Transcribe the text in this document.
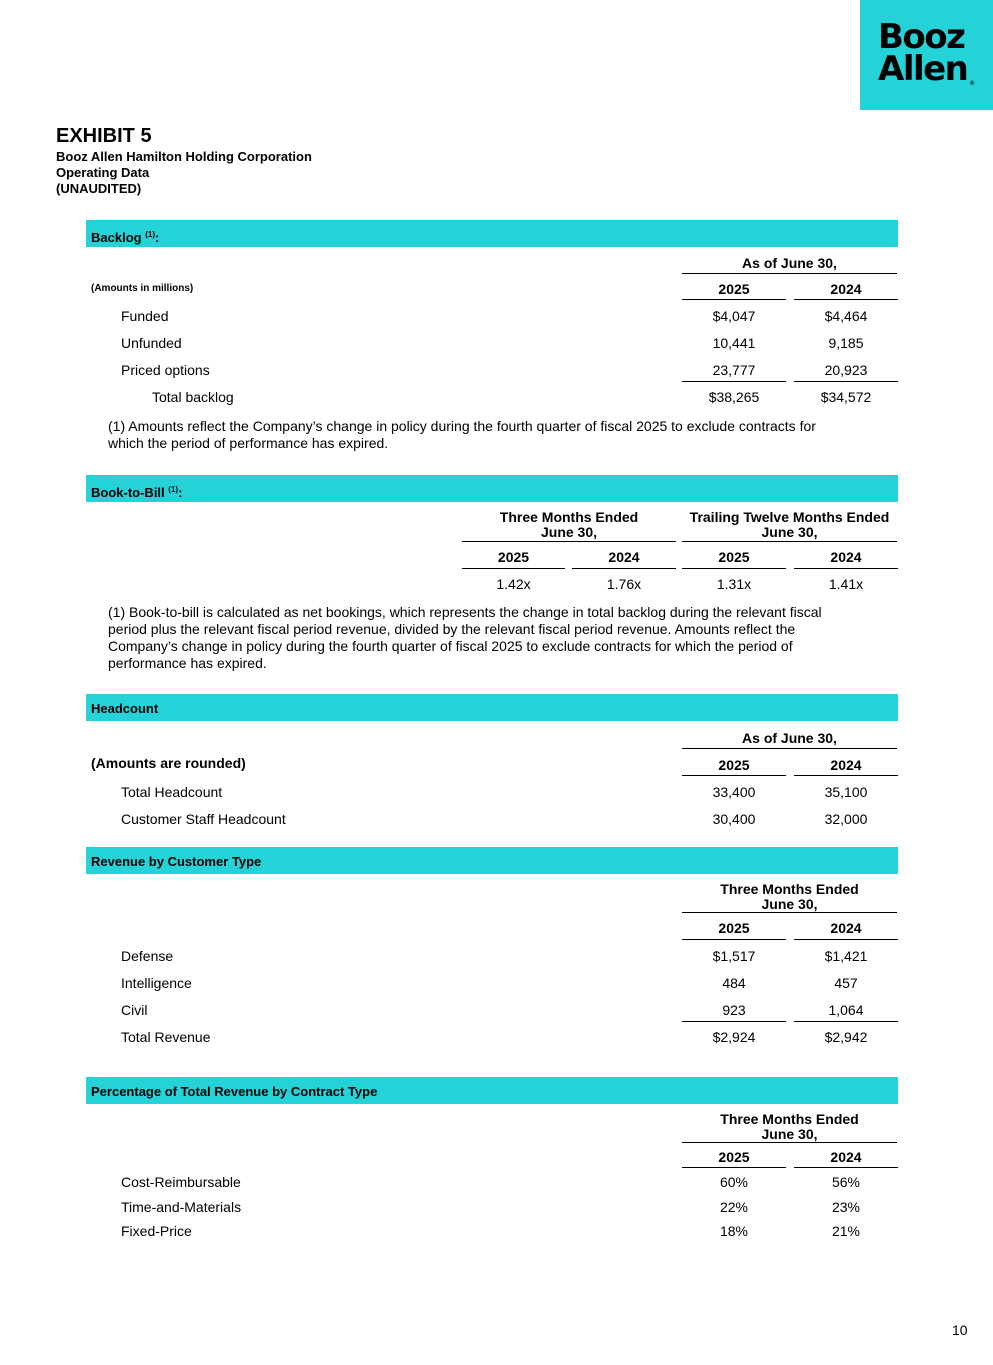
Booz
Allen ®
EXHIBIT 5
Booz Allen Hamilton Holding Corporation
Operating Data
(UNAUDITED)
Backlog $^{(1)}$:
As of June 30,
(Amounts in millions)	2025	2024
Funded	$4,047	$4,464
Unfunded	10,441	9,185
Priced options	23,777	20,923
Total backlog	$38,265	$34,572
(1) Amounts reflect the Company’s change in policy during the fourth quarter of fiscal 2025 to exclude contracts for
which the period of performance has expired.
Book-to-Bill $^{(1)}$:
Three Months Ended
June 30,
Trailing Twelve Months Ended
June 30,
2025	2024	2025	2024
1.42x	1.76x	1.31x	1.41x
(1) Book-to-bill is calculated as net bookings, which represents the change in total backlog during the relevant fiscal
period plus the relevant fiscal period revenue, divided by the relevant fiscal period revenue. Amounts reflect the
Company’s change in policy during the fourth quarter of fiscal 2025 to exclude contracts for which the period of
performance has expired.
Headcount
As of June 30,
(Amounts are rounded)	2025	2024
Total Headcount	33,400	35,100
Customer Staff Headcount	30,400	32,000
Revenue by Customer Type
Three Months Ended
June 30,
2025	2024
Defense	$1,517	$1,421
Intelligence	484	457
Civil	923	1,064
Total Revenue	$2,924	$2,942
Percentage of Total Revenue by Contract Type
Three Months Ended
June 30,
2025	2024
Cost-Reimbursable	60%	56%
Time-and-Materials	22%	23%
Fixed-Price	18%	21%
10
